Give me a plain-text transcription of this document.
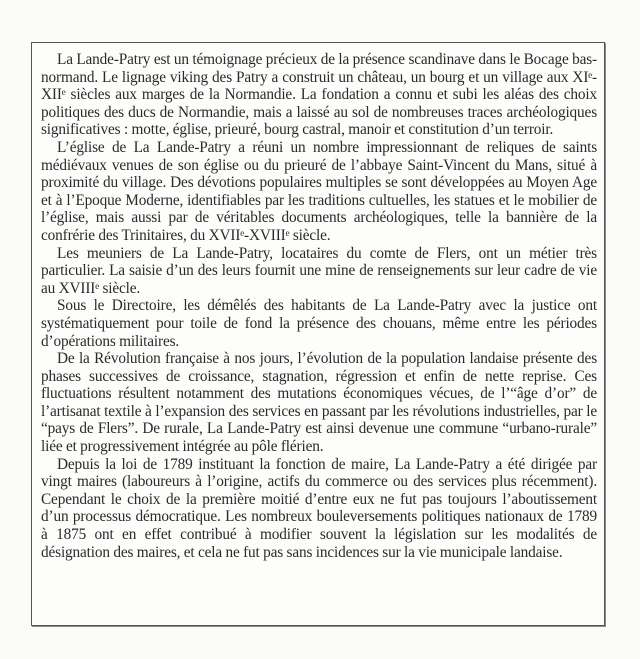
La Lande-Patry est un témoignage précieux de la présence scandinave dans le Bocage bas-normand. Le lignage viking des Patry a construit un château, un bourg et un village aux XIᵉ-XIIᵉ siècles aux marges de la Normandie. La fondation a connu et subi les aléas des choix politiques des ducs de Normandie, mais a laissé au sol de nombreuses traces archéologiques significatives : motte, église, prieuré, bourg castral, manoir et constitution d’un terroir.

L’église de La Lande-Patry a réuni un nombre impressionnant de reliques de saints médiévaux venues de son église ou du prieuré de l’abbaye Saint-Vincent du Mans, situé à proximité du village. Des dévotions populaires multiples se sont développées au Moyen Age et à l’Epoque Moderne, identifiables par les traditions cultuelles, les statues et le mobilier de l’église, mais aussi par de véritables documents archéologiques, telle la bannière de la confrérie des Trinitaires, du XVIIᵉ-XVIIIᵉ siècle.

Les meuniers de La Lande-Patry, locataires du comte de Flers, ont un métier très particulier. La saisie d’un des leurs fournit une mine de renseignements sur leur cadre de vie au XVIIIᵉ siècle.

Sous le Directoire, les démêlés des habitants de La Lande-Patry avec la justice ont systématiquement pour toile de fond la présence des chouans, même entre les périodes d’opérations militaires.

De la Révolution française à nos jours, l’évolution de la population landaise présente des phases successives de croissance, stagnation, régression et enfin de nette reprise. Ces fluctuations résultent notamment des mutations économiques vécues, de l’“âge d’or” de l’artisanat textile à l’expansion des services en passant par les révolutions industrielles, par le “pays de Flers”. De rurale, La Lande-Patry est ainsi devenue une commune “urbano-rurale” liée et progressivement intégrée au pôle flérien.

Depuis la loi de 1789 instituant la fonction de maire, La Lande-Patry a été dirigée par vingt maires (laboureurs à l’origine, actifs du commerce ou des services plus récemment). Cependant le choix de la première moitié d’entre eux ne fut pas toujours l’aboutissement d’un processus démocratique. Les nombreux bouleversements politiques nationaux de 1789 à 1875 ont en effet contribué à modifier souvent la législation sur les modalités de désignation des maires, et cela ne fut pas sans incidences sur la vie municipale landaise.
